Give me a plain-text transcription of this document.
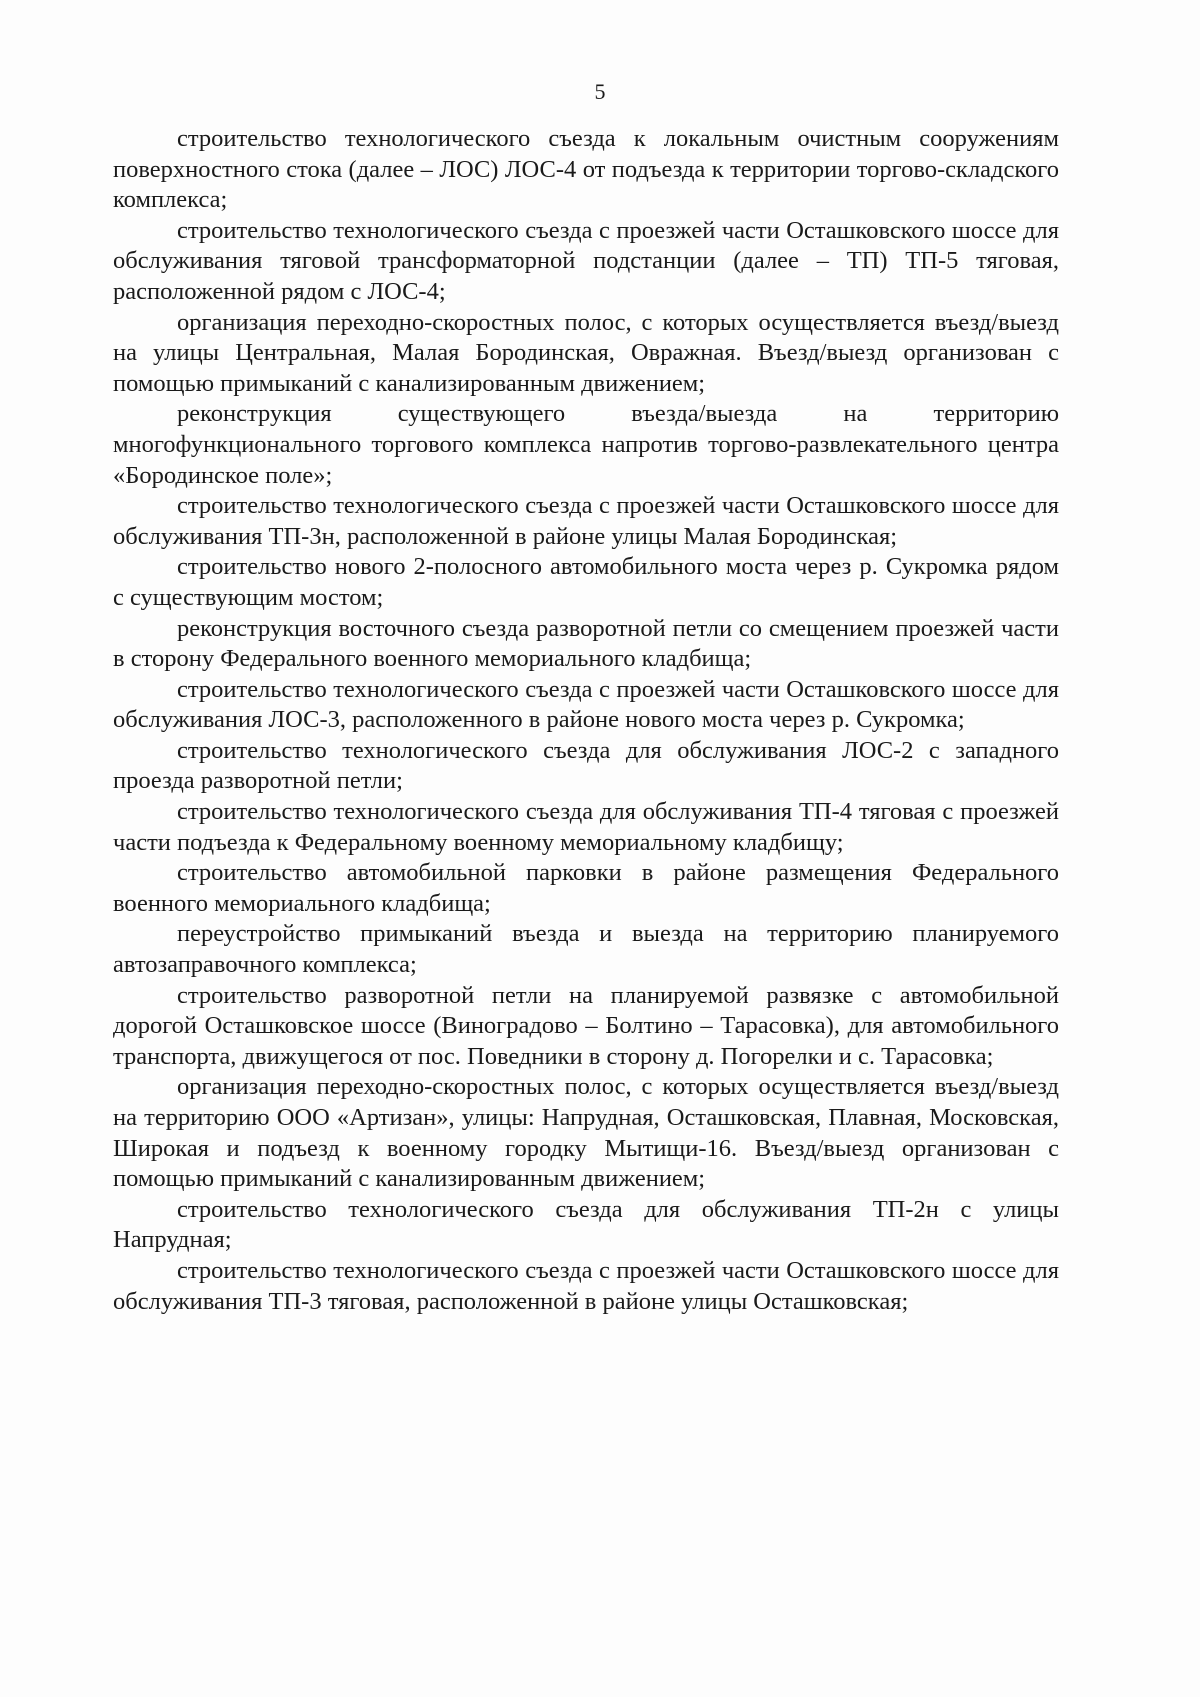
5

строительство технологического съезда к локальным очистным сооружениям поверхностного стока (далее – ЛОС) ЛОС-4 от подъезда к территории торгово-складского комплекса;

строительство технологического съезда с проезжей части Осташковского шоссе для обслуживания тяговой трансформаторной подстанции (далее – ТП) ТП-5 тяговая, расположенной рядом с ЛОС-4;

организация переходно-скоростных полос, с которых осуществляется въезд/выезд на улицы Центральная, Малая Бородинская, Овражная. Въезд/выезд организован с помощью примыканий с канализированным движением;

реконструкция существующего въезда/выезда на территорию многофункционального торгового комплекса напротив торгово-развлекательного центра «Бородинское поле»;

строительство технологического съезда с проезжей части Осташковского шоссе для обслуживания ТП-3н, расположенной в районе улицы Малая Бородинская;

строительство нового 2-полосного автомобильного моста через р. Сукромка рядом с существующим мостом;

реконструкция восточного съезда разворотной петли со смещением проезжей части в сторону Федерального военного мемориального кладбища;

строительство технологического съезда с проезжей части Осташковского шоссе для обслуживания ЛОС-3, расположенного в районе нового моста через р. Сукромка;

строительство технологического съезда для обслуживания ЛОС-2 с западного проезда разворотной петли;

строительство технологического съезда для обслуживания ТП-4 тяговая с проезжей части подъезда к Федеральному военному мемориальному кладбищу;

строительство автомобильной парковки в районе размещения Федерального военного мемориального кладбища;

переустройство примыканий въезда и выезда на территорию планируемого автозаправочного комплекса;

строительство разворотной петли на планируемой развязке с автомобильной дорогой Осташковское шоссе (Виноградово – Болтино – Тарасовка), для автомобильного транспорта, движущегося от пос. Поведники в сторону д. Погорелки и с. Тарасовка;

организация переходно-скоростных полос, с которых осуществляется въезд/выезд на территорию ООО «Артизан», улицы: Напрудная, Осташковская, Плавная, Московская, Широкая и подъезд к военному городку Мытищи-16. Въезд/выезд организован с помощью примыканий с канализированным движением;

строительство технологического съезда для обслуживания ТП-2н с улицы Напрудная;

строительство технологического съезда с проезжей части Осташковского шоссе для обслуживания ТП-3 тяговая, расположенной в районе улицы Осташковская;
